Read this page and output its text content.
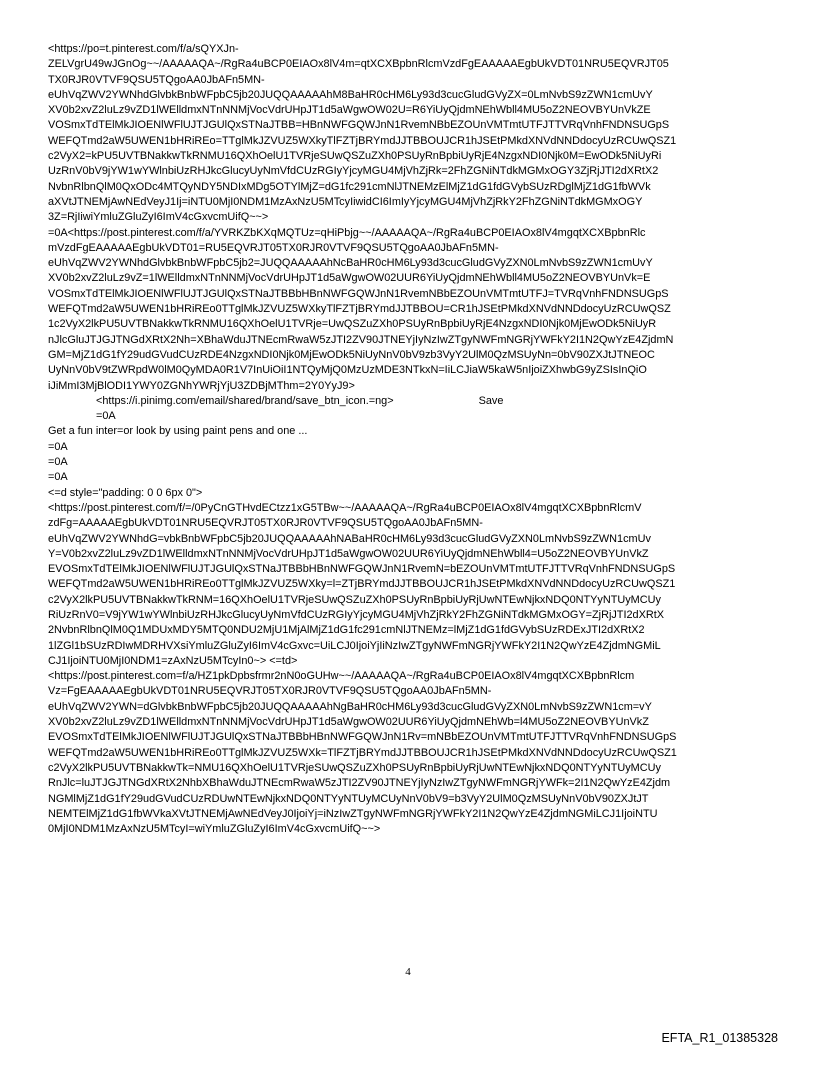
<https://po=t.pinterest.com/f/a/sQYXJn-
ZELVgrU49wJGnOg~~/AAAAAQA~/RgRa4uBCP0EIAOx8lV4m=qtXCXBpbnRlcmVzdFgEAAAAAEgbUkVDT01NRU5EQVRJT05
TX0RJR0VTVF9QSU5TQgoAA0JbAFn5MN-
eUhVqZWV2YWNhdGlvbkBnbWFpbC5jb20JUQQAAAAAhM8BaHR0cHM6Ly93d3cucGludGVyZX=0LmNvbS9zZWN1cmUvY
XV0b2xvZ2luLz9vZD1lWElldmxNTnNNMjVocVdrUHpJT1d5aWgwOW02U=R6YiUyQjdmNEhWbll4MU5oZ2NEOVBYUnVkZE
VOSmxTdTElMkJIOENlWFlUJTJGUlQxSTNaJTBB=HBnNWFGQWJnN1RvemNBbEZOUnVMTmtUTFJTTVRqVnhFNDNSUGpS
WEFQTmd2aW5UWEN1bHRiREo=TTglMkJZVUZ5WXkyTlFZTjBRYmdJJTBBOUJCR1hJSEtPMkdXNVdNNDdocyUzRCUwQSZ1
c2VyX2=kPU5UVTBNakkwTkRNMU16QXhOelU1TVRjeSUwQSZuZXh0PSUyRnBpbiUyRjE4NzgxNDI0Njk0M=EwODk5NiUyRi
UzRnV0bV9jYW1wYWlnbiUzRHJkcGlucyUyNmVfdCUzRGIyYjcyMGU4MjVhZjRk=2FhZGNiNTdkMGMxOGY3ZjRjJTI2dXRtX2
NvbnRlbnQlM0QxODc4MTQyNDY5NDIxMDg5OTYlMjZ=dG1fc291cmNlJTNEMzElMjZ1dG1fdGVybSUzRDglMjZ1dG1fbWVk
aXVtJTNEMjAwNEdVeyJ1Ij=iNTU0MjI0NDM1MzAxNzU5MTcyIiwidCI6ImIyYjcyMGU4MjVhZjRkY2FhZGNiNTdkMGMxOGY
3Z=RjIiwiYmluZGluZyI6ImV4cGxvcmUifQ~~>
=0A<https://post.pinterest.com/f/a/YVRKZbKXqMQTUz=qHiPbjg~~/AAAAAQA~/RgRa4uBCP0EIAOx8lV4mgqtXCXBpbnRlc
mVzdFgEAAAAAEgbUkVDT01=RU5EQVRJT05TX0RJR0VTVF9QSU5TQgoAA0JbAFn5MN-
eUhVqZWV2YWNhdGlvbkBnbWFpbC5jb2=JUQQAAAAAhNcBaHR0cHM6Ly93d3cucGludGVyZXN0LmNvbS9zZWN1cmUvY
XV0b2xvZ2luLz9vZ=1lWElldmxNTnNNMjVocVdrUHpJT1d5aWgwOW02UUR6YiUyQjdmNEhWbll4MU5oZ2NEOVBYUnVk=E
VOSmxTdTElMkJIOENlWFlUJTJGUlQxSTNaJTBBbHBnNWFGQWJnN1RvemNBbEZOUnVMTmtUTFJ=TVRqVnhFNDNSUGpS
WEFQTmd2aW5UWEN1bHRiREo0TTglMkJZVUZ5WXkyTlFZTjBRYmdJJTBBOU=CR1hJSEtPMkdXNVdNNDdocyUzRCUwQSZ
1c2VyX2lkPU5UVTBNakkwTkRNMU16QXhOelU1TVRje=UwQSZuZXh0PSUyRnBpbiUyRjE4NzgxNDI0Njk0MjEwODk5NiUyR
nJlcGluJTJGJTNGdXRtX2Nh=XBhaWduJTNEcmRwaW5zJTI2ZV90JTNEYjIyNzIwZTgyNWFmNGRjYWFkY2I1N2QwYzE4ZjdmN
GM=MjZ1dG1fY29udGVudCUzRDE4NzgxNDI0Njk0MjEwODk5NiUyNnV0bV9zb3VyY2UlM0QzMSUyNn=0bV90ZXJtJTNEOC
UyNnV0bV9tZWRpdW0lM0QyMDA0R1V7InUiOiI1NTQyMjQ0MzUzMDE3NTkxN=IiLCJiaW5kaW5nIjoiZXhwbG9yZSIsInQiO
iJiMmI3MjBlODI1YWY0ZGNhYWRjYjU3ZDBjMThm=2Y0YyJ9>
<https://i.pinimg.com/email/shared/brand/save_btn_icon.=ng>	Save
=0A
Get a fun inter=or look by using paint pens and one ...
=0A
=0A
=0A
<=d style="padding: 0 0 6px 0">
<https://post.pinterest.com/f/=/0PyCnGTHvdECtzz1xG5TBw~~/AAAAAQA~/RgRa4uBCP0EIAOx8lV4mgqtXCXBpbnRlcmV
zdFg=AAAAAEgbUkVDT01NRU5EQVRJT05TX0RJR0VTVF9QSU5TQgoAA0JbAFn5MN-
eUhVqZWV2YWNhdG=vbkBnbWFpbC5jb20JUQQAAAAAhNABaHR0cHM6Ly93d3cucGludGVyZXN0LmNvbS9zZWN1cmUv
Y=V0b2xvZ2luLz9vZD1lWElldmxNTnNNMjVocVdrUHpJT1d5aWgwOW02UUR6YiUyQjdmNEhWbll4=U5oZ2NEOVBYUnVkZ
EVOSmxTdTElMkJIOENlWFlUJTJGUlQxSTNaJTBBbHBnNWFGQWJnN1RvemN=bEZOUnVMTmtUTFJTTVRqVnhFNDNSUGpS
WEFQTmd2aW5UWEN1bHRiREo0TTglMkJZVUZ5WXky=l=ZTjBRYmdJJTBBOUJCR1hJSEtPMkdXNVdNNDdocyUzRCUwQSZ1
c2VyX2lkPU5UVTBNakkwTkRNM=16QXhOelU1TVRjeSUwQSZuZXh0PSUyRnBpbiUyRjUwNTEwNjkxNDQ0NTYyNTUyMCUy
RiUzRnV0=V9jYW1wYWlnbiUzRHJkcGlucyUyNmVfdCUzRGIyYjcyMGU4MjVhZjRkY2FhZGNiNTdkMGMxOGY=ZjRjJTI2dXRtX
2NvbnRlbnQlM0Q1MDUxMDY5MTQ0NDU2MjU1MjAlMjZ1dG1fc291cmNlJTNEMz=lMjZ1dG1fdGVybSUzRDExJTI2dXRtX2
1lZGl1bSUzRDIwMDRHVXsiYmluZGluZyI6ImV4cGxvc=UiLCJ0IjoiYjIiNzIwZTgyNWFmNGRjYWFkY2I1N2QwYzE4ZjdmNGMiL
CJ1IjoiNTU0MjI0NDM1=zAxNzU5MTcyIn0~> <=td>
<https://post.pinterest.com=f/a/HZ1pkDpbsfrmr2nN0oGUHw~~/AAAAAQA~/RgRa4uBCP0EIAOx8lV4mgqtXCXBpbnRlcm
Vz=FgEAAAAAEgbUkVDT01NRU5EQVRJT05TX0RJR0VTVF9QSU5TQgoAA0JbAFn5MN-
eUhVqZWV2YWN=dGlvbkBnbWFpbC5jb20JUQQAAAAAhNgBaHR0cHM6Ly93d3cucGludGVyZXN0LmNvbS9zZWN1cm=vY
XV0b2xvZ2luLz9vZD1lWElldmxNTnNNMjVocVdrUHpJT1d5aWgwOW02UUR6YiUyQjdmNEhWb=l4MU5oZ2NEOVBYUnVkZ
EVOSmxTdTElMkJIOENlWFlUJTJGUlQxSTNaJTBBbHBnNWFGQWJnN1Rv=mNBbEZOUnVMTmtUTFJTTVRqVnhFNDNSUGpS
WEFQTmd2aW5UWEN1bHRiREo0TTglMkJZVUZ5WXk=TlFZTjBRYmdJJTBBOUJCR1hJSEtPMkdXNVdNNDdocyUzRCUwQSZ1
c2VyX2lkPU5UVTBNakkwTk=NMU16QXhOelU1TVRjeSUwQSZuZXh0PSUyRnBpbiUyRjUwNTEwNjkxNDQ0NTYyNTUyMCUy
RnJlc=luJTJGJTNGdXRtX2NhbXBhaWduJTNEcmRwaW5zJTI2ZV90JTNEYjIyNzIwZTgyNWFmNGRjYWFk=2I1N2QwYzE4Zjdm
NGMlMjZ1dG1fY29udGVudCUzRDUwNTEwNjkxNDQ0NTYyNTUyMCUyNnV0bV9=b3VyY2UlM0QzMSUyNnV0bV90ZXJtJT
NEMTElMjZ1dG1fbWVkaXVtJTNEMjAwNEdVeyJ0IjoiYj=iNzIwZTgyNWFmNGRjYWFkY2I1N2QwYzE4ZjdmNGMiLCJ1IjoiNTU
0MjI0NDM1MzAxNzU5MTcyI=wiYmluZGluZyI6ImV4cGxvcmUifQ~~>
4
EFTA_R1_01385328
